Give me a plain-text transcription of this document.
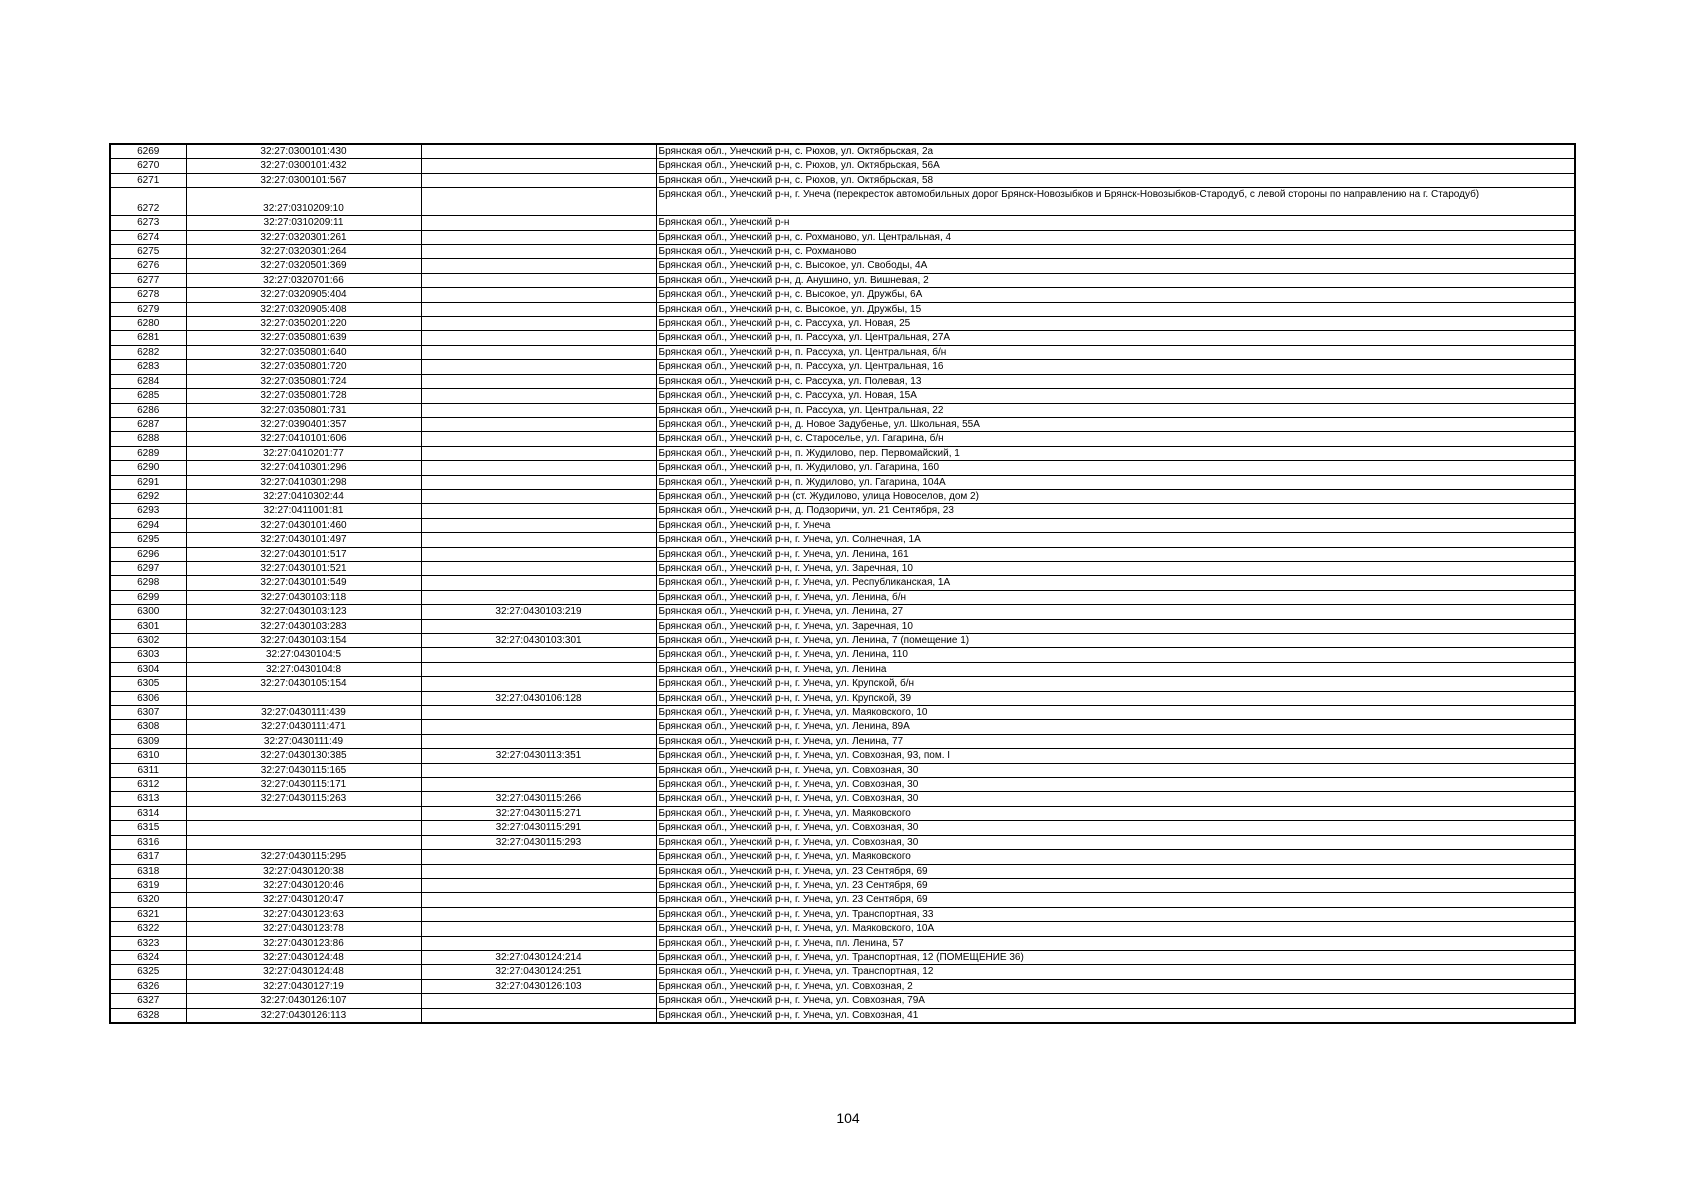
6269	32:27:0300101:430		Брянская обл., Унечский р-н, с. Рюхов, ул. Октябрьская, 2а
6270	32:27:0300101:432		Брянская обл., Унечский р-н, с. Рюхов, ул. Октябрьская, 56А
6271	32:27:0300101:567		Брянская обл., Унечский р-н, с. Рюхов, ул. Октябрьская, 58
6272	32:27:0310209:10		Брянская обл., Унечский р-н, г. Унеча (перекресток автомобильных дорог Брянск-Новозыбков и Брянск-Новозыбков-Стародуб, с левой стороны по направлению на г. Стародуб)
6273	32:27:0310209:11		Брянская обл., Унечский р-н
6274	32:27:0320301:261		Брянская обл., Унечский р-н, с. Рохманово, ул. Центральная, 4
6275	32:27:0320301:264		Брянская обл., Унечский р-н, с. Рохманово
6276	32:27:0320501:369		Брянская обл., Унечский р-н, с. Высокое, ул. Свободы, 4А
6277	32:27:0320701:66		Брянская обл., Унечский р-н, д. Анушино, ул. Вишневая, 2
6278	32:27:0320905:404		Брянская обл., Унечский р-н, с. Высокое, ул. Дружбы, 6А
6279	32:27:0320905:408		Брянская обл., Унечский р-н, с. Высокое, ул. Дружбы, 15
6280	32:27:0350201:220		Брянская обл., Унечский р-н, с. Рассуха, ул. Новая, 25
6281	32:27:0350801:639		Брянская обл., Унечский р-н, п. Рассуха, ул. Центральная, 27А
6282	32:27:0350801:640		Брянская обл., Унечский р-н, п. Рассуха, ул. Центральная, б/н
6283	32:27:0350801:720		Брянская обл., Унечский р-н, п. Рассуха, ул. Центральная, 16
6284	32:27:0350801:724		Брянская обл., Унечский р-н, с. Рассуха, ул. Полевая, 13
6285	32:27:0350801:728		Брянская обл., Унечский р-н, с. Рассуха, ул. Новая, 15А
6286	32:27:0350801:731		Брянская обл., Унечский р-н, п. Рассуха, ул. Центральная, 22
6287	32:27:0390401:357		Брянская обл., Унечский р-н, д. Новое Задубенье, ул. Школьная, 55А
6288	32:27:0410101:606		Брянская обл., Унечский р-н, с. Старосельe, ул. Гагарина, б/н
6289	32:27:0410201:77		Брянская обл., Унечский р-н, п. Жудилово, пер. Первомайский, 1
6290	32:27:0410301:296		Брянская обл., Унечский р-н, п. Жудилово, ул. Гагарина, 160
6291	32:27:0410301:298		Брянская обл., Унечский р-н, п. Жудилово, ул. Гагарина, 104А
6292	32:27:0410302:44		Брянская обл., Унечский р-н (ст. Жудилово, улица Новоселов, дом 2)
6293	32:27:0411001:81		Брянская обл., Унечский р-н, д. Подзоричи, ул. 21 Сентября, 23
6294	32:27:0430101:460		Брянская обл., Унечский р-н, г. Унеча
6295	32:27:0430101:497		Брянская обл., Унечский р-н, г. Унеча, ул. Солнечная, 1А
6296	32:27:0430101:517		Брянская обл., Унечский р-н, г. Унеча, ул. Ленина, 161
6297	32:27:0430101:521		Брянская обл., Унечский р-н, г. Унеча, ул. Заречная, 10
6298	32:27:0430101:549		Брянская обл., Унечский р-н, г. Унеча, ул. Республиканская, 1А
6299	32:27:0430103:118		Брянская обл., Унечский р-н, г. Унеча, ул. Ленина, б/н
6300	32:27:0430103:123	32:27:0430103:219	Брянская обл., Унечский р-н, г. Унеча, ул. Ленина, 27
6301	32:27:0430103:283		Брянская обл., Унечский р-н, г. Унеча, ул. Заречная, 10
6302	32:27:0430103:154	32:27:0430103:301	Брянская обл., Унечский р-н, г. Унеча, ул. Ленина, 7 (помещение 1)
6303	32:27:0430104:5		Брянская обл., Унечский р-н, г. Унеча, ул. Ленина, 110
6304	32:27:0430104:8		Брянская обл., Унечский р-н, г. Унеча, ул. Ленина
6305	32:27:0430105:154		Брянская обл., Унечский р-н, г. Унеча, ул. Крупской, б/н
6306		32:27:0430106:128	Брянская обл., Унечский р-н, г. Унеча, ул. Крупской, 39
6307	32:27:0430111:439		Брянская обл., Унечский р-н, г. Унеча, ул. Маяковского, 10
6308	32:27:0430111:471		Брянская обл., Унечский р-н, г. Унеча, ул. Ленина, 89А
6309	32:27:0430111:49		Брянская обл., Унечский р-н, г. Унеча, ул. Ленина, 77
6310	32:27:0430130:385	32:27:0430113:351	Брянская обл., Унечский р-н, г. Унеча, ул. Совхозная, 93, пом. I
6311	32:27:0430115:165		Брянская обл., Унечский р-н, г. Унеча, ул. Совхозная, 30
6312	32:27:0430115:171		Брянская обл., Унечский р-н, г. Унеча, ул. Совхозная, 30
6313	32:27:0430115:263	32:27:0430115:266	Брянская обл., Унечский р-н, г. Унеча, ул. Совхозная, 30
6314		32:27:0430115:271	Брянская обл., Унечский р-н, г. Унеча, ул. Маяковского
6315		32:27:0430115:291	Брянская обл., Унечский р-н, г. Унеча, ул. Совхозная, 30
6316		32:27:0430115:293	Брянская обл., Унечский р-н, г. Унеча, ул. Совхозная, 30
6317	32:27:0430115:295		Брянская обл., Унечский р-н, г. Унеча, ул. Маяковского
6318	32:27:0430120:38		Брянская обл., Унечский р-н, г. Унеча, ул. 23 Сентября, 69
6319	32:27:0430120:46		Брянская обл., Унечский р-н, г. Унеча, ул. 23 Сентября, 69
6320	32:27:0430120:47		Брянская обл., Унечский р-н, г. Унеча, ул. 23 Сентября, 69
6321	32:27:0430123:63		Брянская обл., Унечский р-н, г. Унеча, ул. Транспортная, 33
6322	32:27:0430123:78		Брянская обл., Унечский р-н, г. Унеча, ул. Маяковского, 10А
6323	32:27:0430123:86		Брянская обл., Унечский р-н, г. Унеча, пл. Ленина, 57
6324	32:27:0430124:48	32:27:0430124:214	Брянская обл., Унечский р-н, г. Унеча, ул. Транспортная, 12 (ПОМЕЩЕНИЕ 36)
6325	32:27:0430124:48	32:27:0430124:251	Брянская обл., Унечский р-н, г. Унеча, ул. Транспортная, 12
6326	32:27:0430127:19	32:27:0430126:103	Брянская обл., Унечский р-н, г. Унеча, ул. Совхозная, 2
6327	32:27:0430126:107		Брянская обл., Унечский р-н, г. Унеча, ул. Совхозная, 79А
6328	32:27:0430126:113		Брянская обл., Унечский р-н, г. Унеча, ул. Совхозная, 41
104
